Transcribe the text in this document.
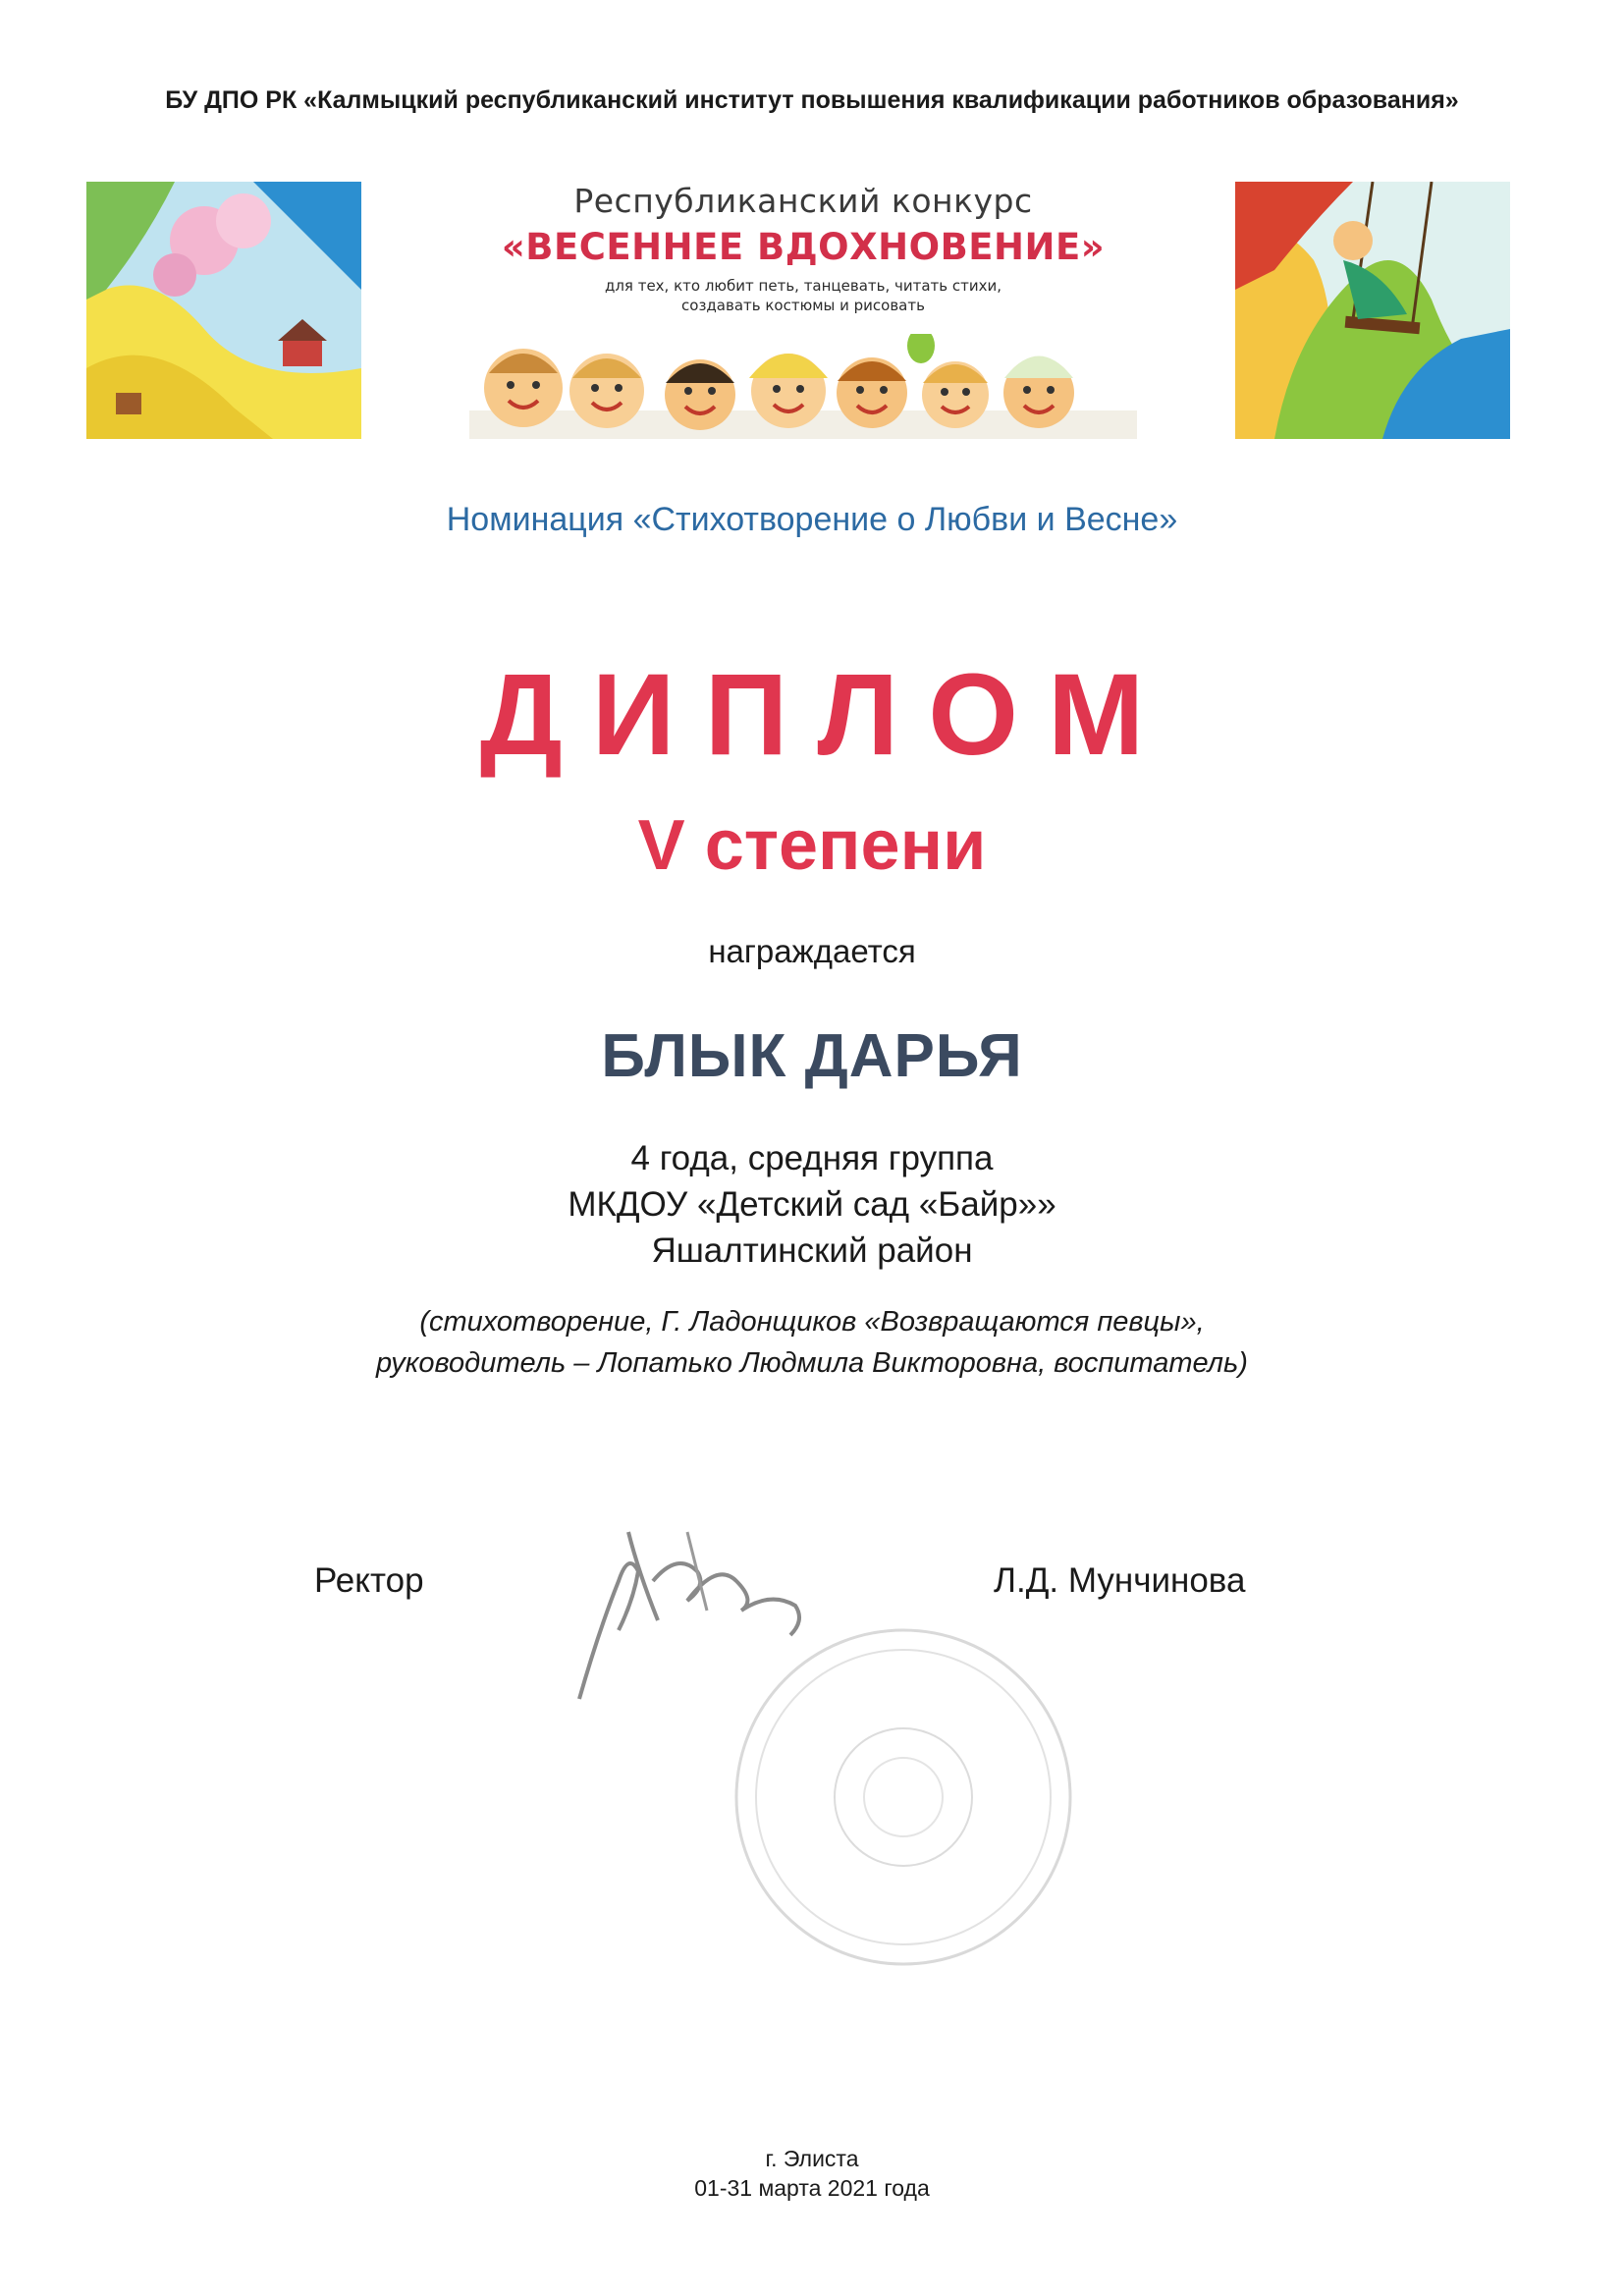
БУ ДПО РК «Калмыцкий республиканский институт повышения квалификации работников образования»
Республиканский конкурс
«ВЕСЕННЕЕ ВДОХНОВЕНИЕ»
для тех, кто любит петь, танцевать, читать стихи, создавать костюмы и рисовать
Номинация «Стихотворение о Любви и Весне»
ДИПЛОМ
V степени
награждается
БЛЫК ДАРЬЯ
4 года, средняя группа
МКДОУ «Детский сад «Байр»»
Яшалтинский район
(стихотворение, Г. Ладонщиков «Возвращаются певцы»,
руководитель – Лопатько Людмила Викторовна, воспитатель)
Ректор	Л.Д. Мунчинова
г. Элиста
01-31 марта 2021 года
